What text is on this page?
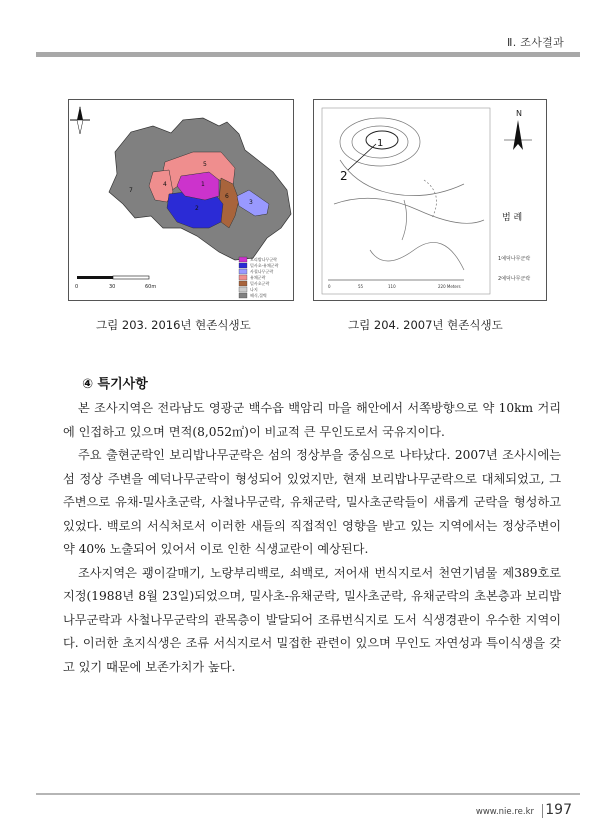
Ⅱ. 조사결과
5
1
4
7
6
2
3
0	30	60m
보리밥나무군락
밀사초-유채군락
사철나무군락
유채군락
밀사초군락
나지
해식,절벽
그림 203. 2016년 현존식생도
1
2
N
범 례
1예덕나무군락
2예덕나무군락
0	55	110	220 Meters
그림 204. 2007년 현존식생도
④ 특기사항

본 조사지역은 전라남도 영광군 백수읍 백암리 마을 해안에서 서쪽방향으로 약 10km 거리에 인접하고 있으며 면적(8,052㎡)이 비교적 큰 무인도로서 국유지이다.

주요 출현군락인 보리밥나무군락은 섬의 정상부을 중심으로 나타났다. 2007년 조사시에는 섬 정상 주변을 예덕나무군락이 형성되어 있었지만, 현재 보리밥나무군락으로 대체되었고, 그 주변으로 유채-밀사초군락, 사철나무군락, 유채군락, 밀사초군락들이 새롭게 군락을 형성하고 있었다. 백로의 서식처로서 이러한 새들의 직접적인 영향을 받고 있는 지역에서는 정상주변이 약 40% 노출되어 있어서 이로 인한 식생교란이 예상된다.

조사지역은 괭이갈매기, 노랑부리백로, 쇠백로, 저어새 번식지로서 천연기념물 제389호로 지정(1988년 8월 23일)되었으며, 밀사초-유채군락, 밀사초군락, 유채군락의 초본층과 보리밥나무군락과 사철나무군락의 관목층이 발달되어 조류번식지로 도서 식생경관이 우수한 지역이다. 이러한 초지식생은 조류 서식지로서 밀접한 관련이 있으며 무인도 자연성과 특이식생을 갖고 있기 때문에 보존가치가 높다.

www.nie.re.kr 197
